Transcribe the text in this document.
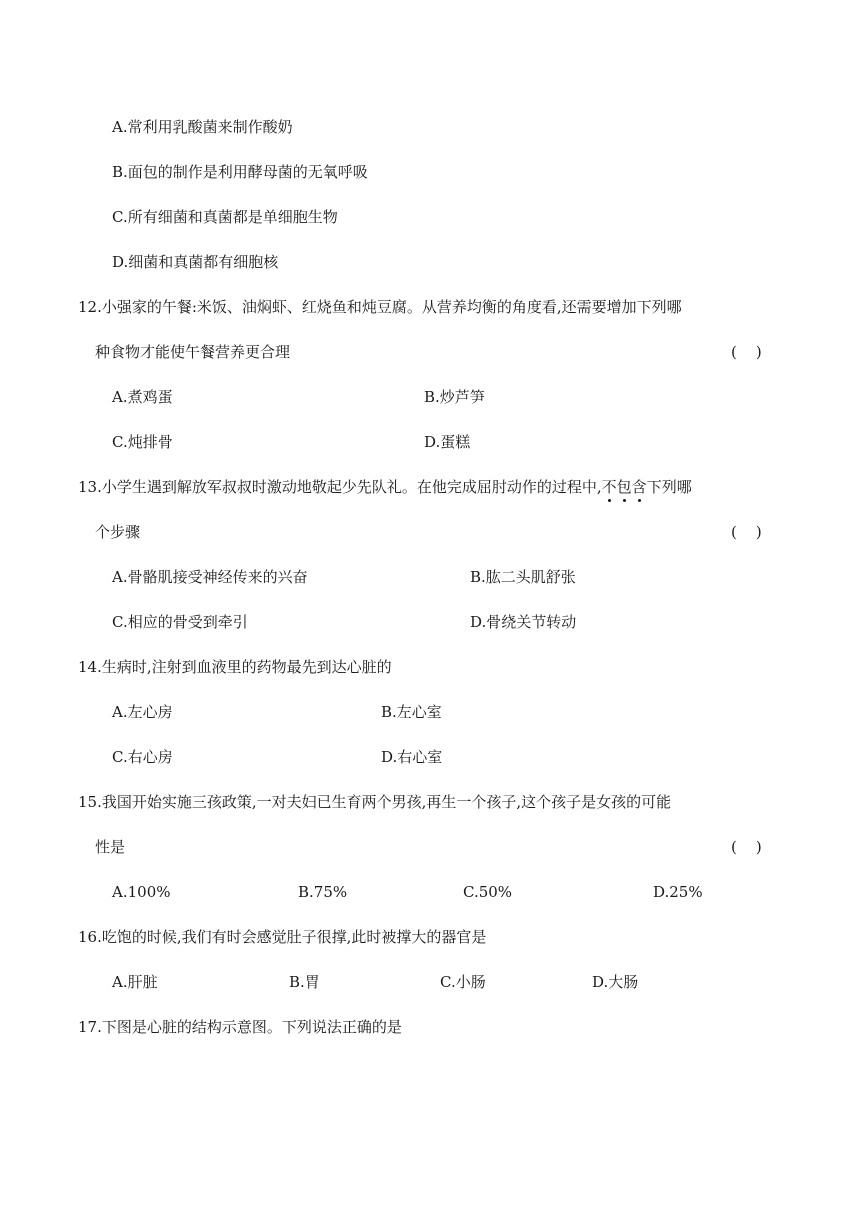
A.常利用乳酸菌来制作酸奶
B.面包的制作是利用酵母菌的无氧呼吸
C.所有细菌和真菌都是单细胞生物
D.细菌和真菌都有细胞核
12.小强家的午餐:米饭、油焖虾、红烧鱼和炖豆腐。从营养均衡的角度看,还需要增加下列哪
种食物才能使午餐营养更合理	(    )
A.煮鸡蛋	B.炒芦笋
C.炖排骨	D.蛋糕
13.小学生遇到解放军叔叔时激动地敬起少先队礼。在他完成屈肘动作的过程中,不包含下列哪
个步骤	(    )
A.骨骼肌接受神经传来的兴奋	B.肱二头肌舒张
C.相应的骨受到牵引	D.骨绕关节转动
14.生病时,注射到血液里的药物最先到达心脏的
A.左心房	B.左心室
C.右心房	D.右心室
15.我国开始实施三孩政策,一对夫妇已生育两个男孩,再生一个孩子,这个孩子是女孩的可能
性是	(    )
A.100%	B.75%	C.50%	D.25%
16.吃饱的时候,我们有时会感觉肚子很撑,此时被撑大的器官是
A.肝脏	B.胃	C.小肠	D.大肠
17.下图是心脏的结构示意图。下列说法正确的是
